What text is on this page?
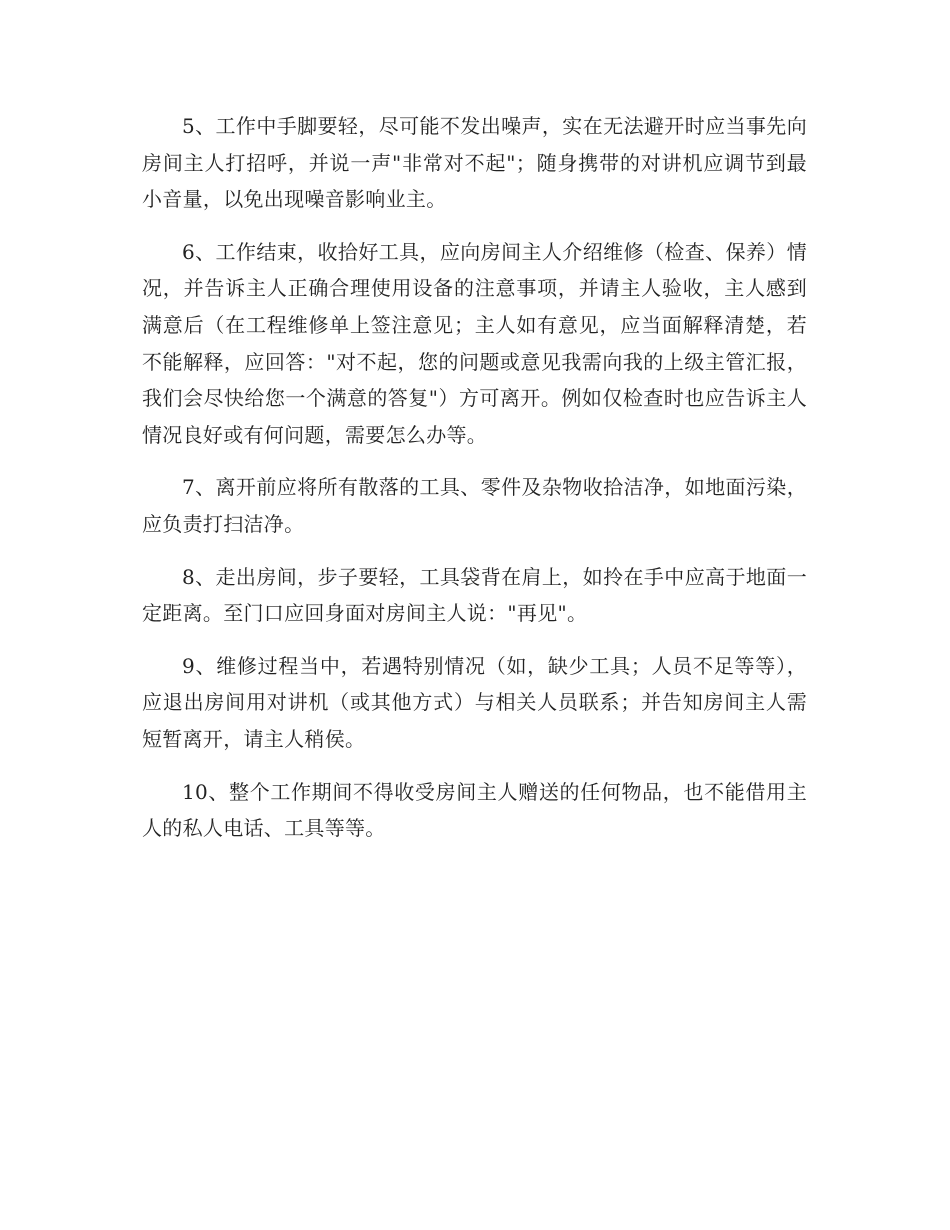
5、工作中手脚要轻，尽可能不发出噪声，实在无法避开时应当事先向房间主人打招呼，并说一声"非常对不起"；随身携带的对讲机应调节到最小音量，以免出现噪音影响业主。

6、工作结束，收拾好工具，应向房间主人介绍维修（检查、保养）情况，并告诉主人正确合理使用设备的注意事项，并请主人验收，主人感到满意后（在工程维修单上签注意见；主人如有意见，应当面解释清楚，若不能解释，应回答："对不起，您的问题或意见我需向我的上级主管汇报，我们会尽快给您一个满意的答复"）方可离开。例如仅检查时也应告诉主人情况良好或有何问题，需要怎么办等。

7、离开前应将所有散落的工具、零件及杂物收拾洁净，如地面污染，应负责打扫洁净。

8、走出房间，步子要轻，工具袋背在肩上，如拎在手中应高于地面一定距离。至门口应回身面对房间主人说："再见"。

9、维修过程当中，若遇特别情况（如，缺少工具；人员不足等等），应退出房间用对讲机（或其他方式）与相关人员联系；并告知房间主人需短暂离开，请主人稍侯。

10、整个工作期间不得收受房间主人赠送的任何物品，也不能借用主人的私人电话、工具等等。
